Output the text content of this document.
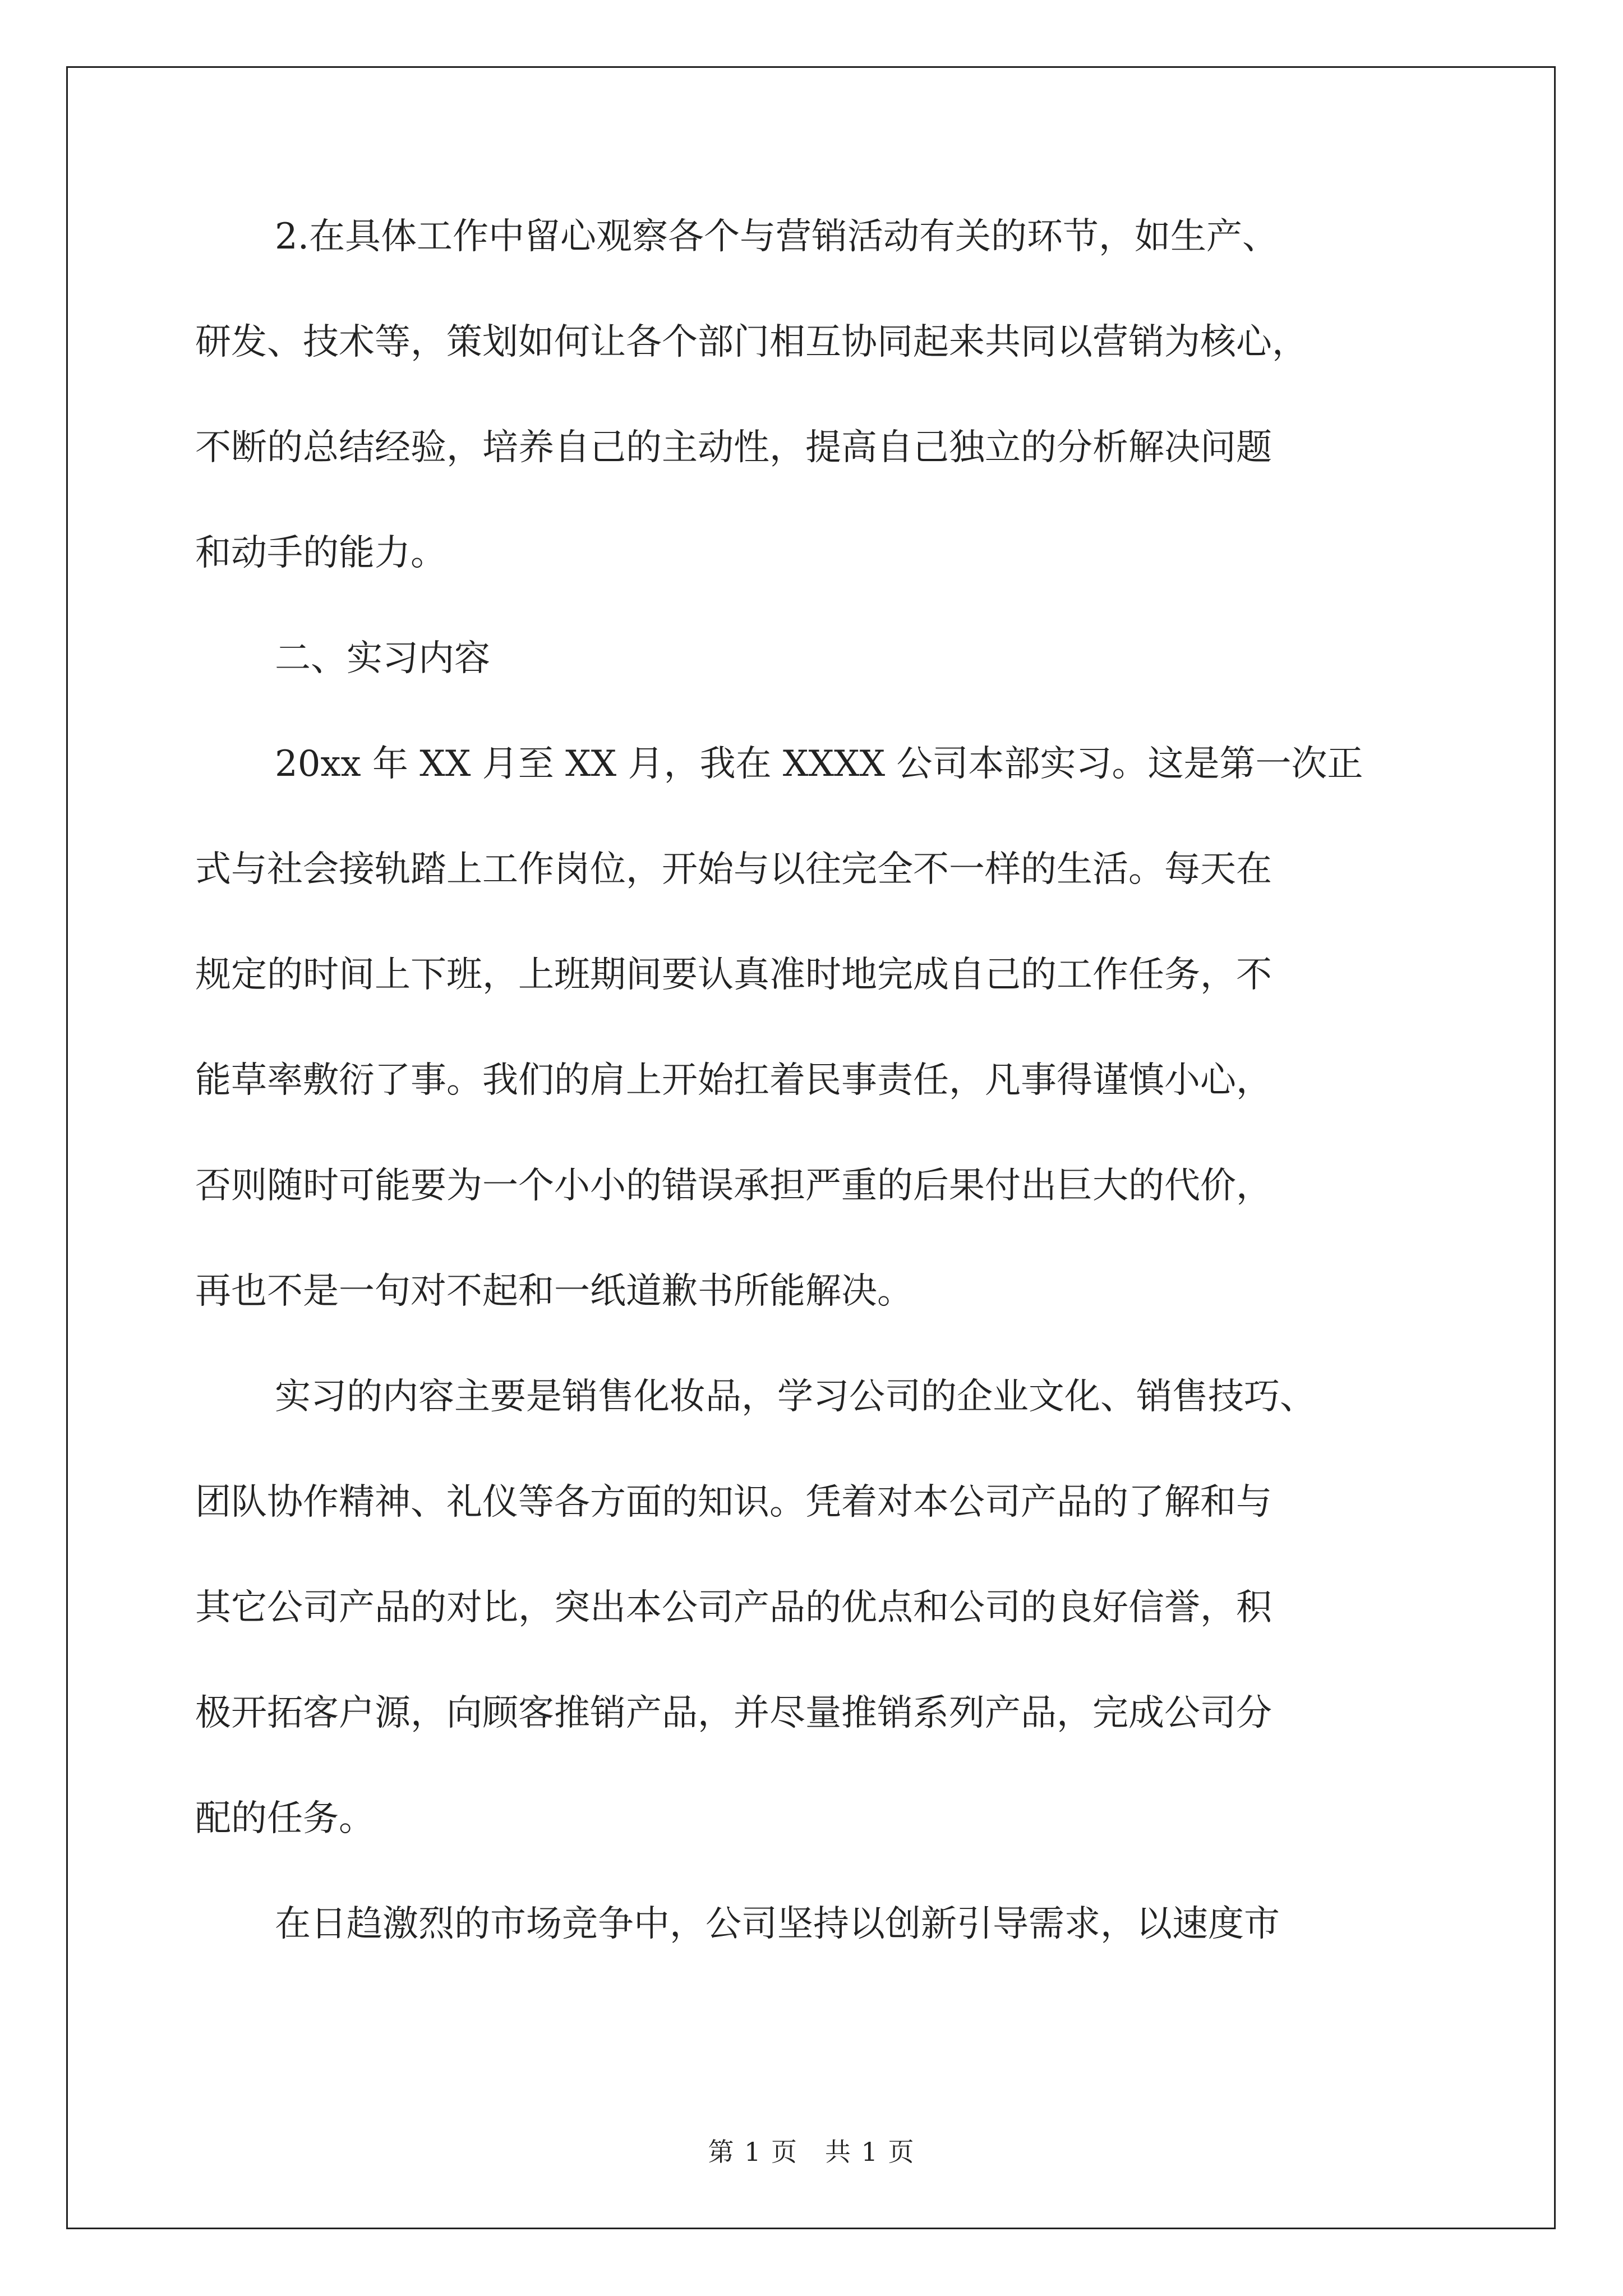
2.在具体工作中留心观察各个与营销活动有关的环节，如生产、

研发、技术等，策划如何让各个部门相互协同起来共同以营销为核心，

不断的总结经验，培养自己的主动性，提高自己独立的分析解决问题

和动手的能力。

二、实习内容

20xx 年 XX 月至 XX 月，我在 XXXX 公司本部实习。这是第一次正

式与社会接轨踏上工作岗位，开始与以往完全不一样的生活。每天在

规定的时间上下班，上班期间要认真准时地完成自己的工作任务，不

能草率敷衍了事。我们的肩上开始扛着民事责任，凡事得谨慎小心，

否则随时可能要为一个小小的错误承担严重的后果付出巨大的代价，

再也不是一句对不起和一纸道歉书所能解决。

实习的内容主要是销售化妆品，学习公司的企业文化、销售技巧、

团队协作精神、礼仪等各方面的知识。凭着对本公司产品的了解和与

其它公司产品的对比，突出本公司产品的优点和公司的良好信誉，积

极开拓客户源，向顾客推销产品，并尽量推销系列产品，完成公司分

配的任务。

在日趋激烈的市场竞争中，公司坚持以创新引导需求，以速度市

第 1 页　共 1 页
